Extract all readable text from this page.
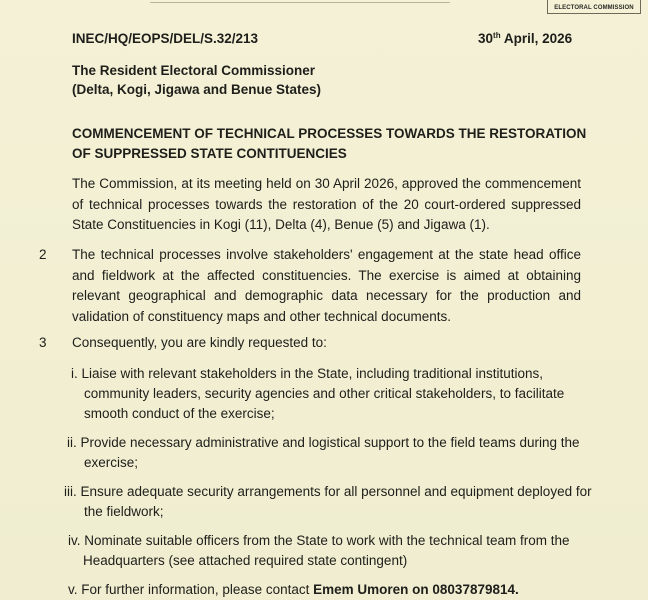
ELECTORAL COMMISSION
INEC/HQ/EOPS/DEL/S.32/213	30th April, 2026
The Resident Electoral Commissioner
(Delta, Kogi, Jigawa and Benue States)
COMMENCEMENT OF TECHNICAL PROCESSES TOWARDS THE RESTORATION OF SUPPRESSED STATE CONTITUENCIES
The Commission, at its meeting held on 30 April 2026, approved the commencement of technical processes towards the restoration of the 20 court-ordered suppressed State Constituencies in Kogi (11), Delta (4), Benue (5) and Jigawa (1).
2 The technical processes involve stakeholders' engagement at the state head office and fieldwork at the affected constituencies. The exercise is aimed at obtaining relevant geographical and demographic data necessary for the production and validation of constituency maps and other technical documents.
3 Consequently, you are kindly requested to:
i. Liaise with relevant stakeholders in the State, including traditional institutions, community leaders, security agencies and other critical stakeholders, to facilitate smooth conduct of the exercise;
ii. Provide necessary administrative and logistical support to the field teams during the exercise;
iii. Ensure adequate security arrangements for all personnel and equipment deployed for the fieldwork;
iv. Nominate suitable officers from the State to work with the technical team from the Headquarters (see attached required state contingent)
v. For further information, please contact Emem Umoren on 08037879814.
